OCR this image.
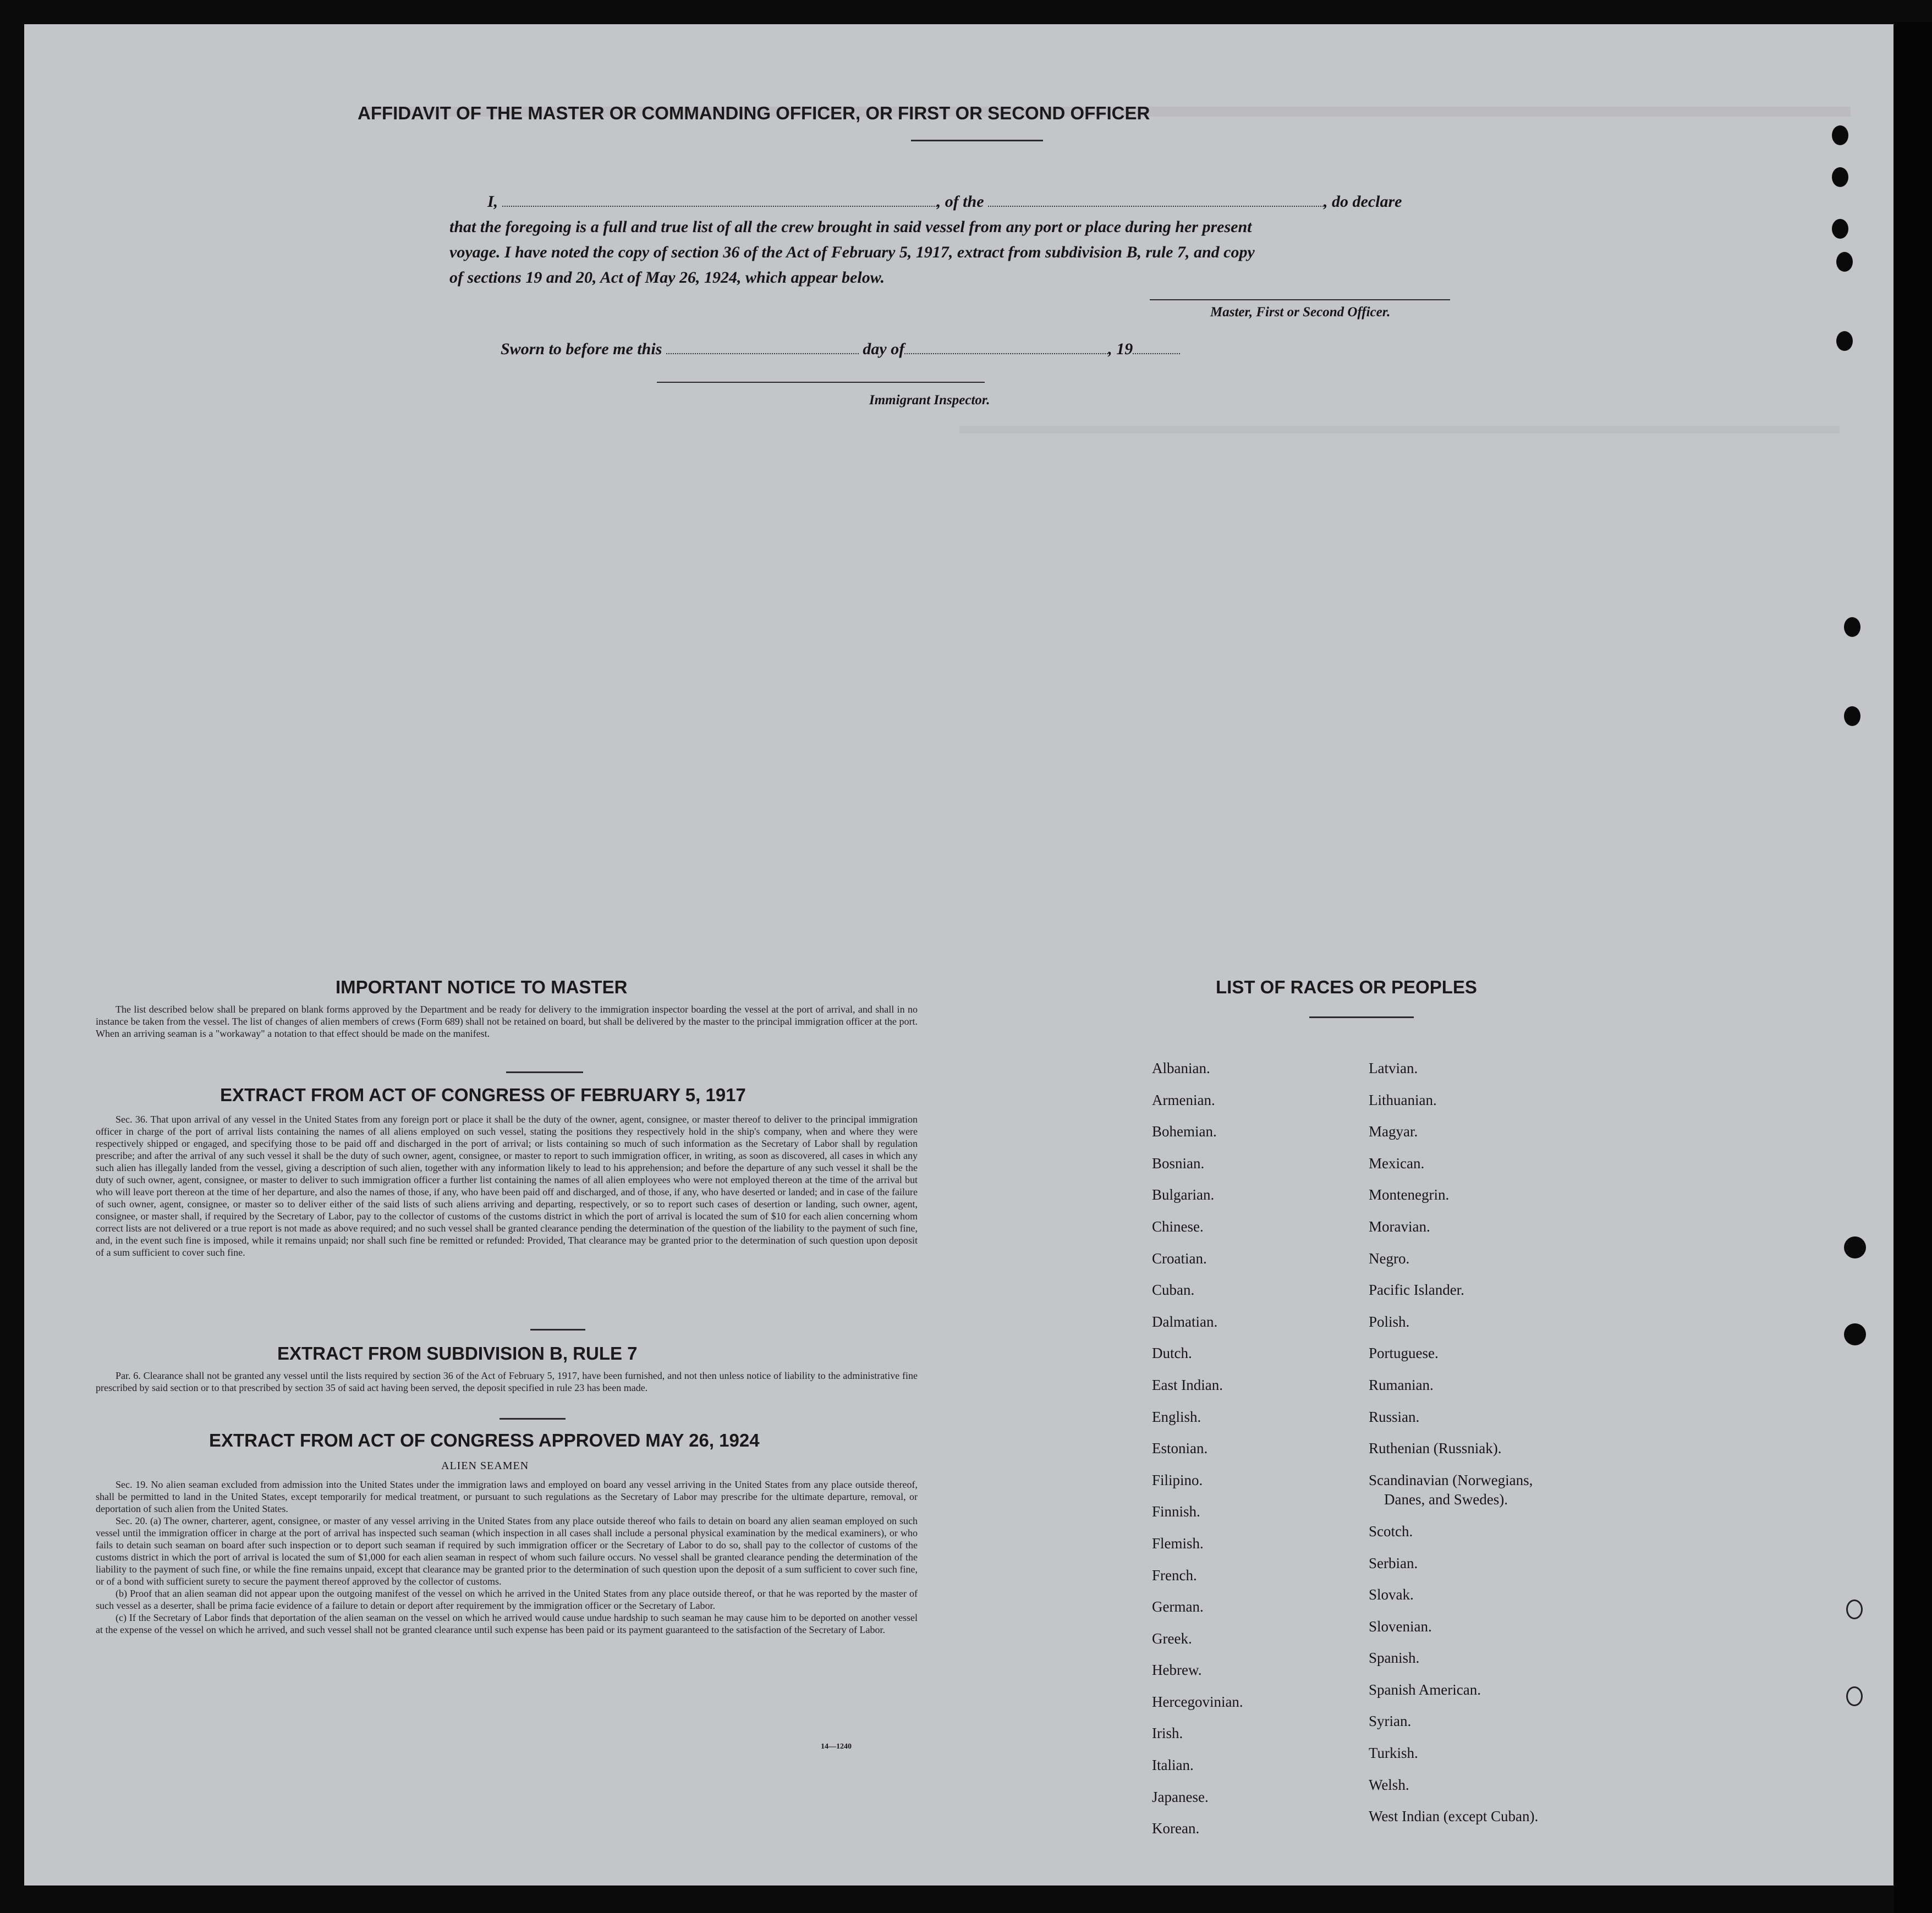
AFFIDAVIT OF THE MASTER OR COMMANDING OFFICER, OR FIRST OR SECOND OFFICER
I,	, of the	, do declare
that the foregoing is a full and true list of all the crew brought in said vessel from any port or place during her present
voyage. I have noted the copy of section 36 of the Act of February 5, 1917, extract from subdivision B, rule 7, and copy
of sections 19 and 20, Act of May 26, 1924, which appear below.
Master, First or Second Officer.
Sworn to before me this	day of	, 19
Immigrant Inspector.
IMPORTANT NOTICE TO MASTER

The list described below shall be prepared on blank forms approved by the Department and be ready for delivery to the immigration inspector boarding the vessel at the port of arrival, and shall in no instance be taken from the vessel. The list of changes of alien members of crews (Form 689) shall not be retained on board, but shall be delivered by the master to the principal immigration officer at the port. When an arriving seaman is a "workaway" a notation to that effect should be made on the manifest.

EXTRACT FROM ACT OF CONGRESS OF FEBRUARY 5, 1917

Sec. 36. That upon arrival of any vessel in the United States from any foreign port or place it shall be the duty of the owner, agent, consignee, or master thereof to deliver to the principal immigration officer in charge of the port of arrival lists containing the names of all aliens employed on such vessel, stating the positions they respectively hold in the ship's company, when and where they were respectively shipped or engaged, and specifying those to be paid off and discharged in the port of arrival; or lists containing so much of such information as the Secretary of Labor shall by regulation prescribe; and after the arrival of any such vessel it shall be the duty of such owner, agent, consignee, or master to report to such immigration officer, in writing, as soon as discovered, all cases in which any such alien has illegally landed from the vessel, giving a description of such alien, together with any information likely to lead to his apprehension; and before the departure of any such vessel it shall be the duty of such owner, agent, consignee, or master to deliver to such immigration officer a further list containing the names of all alien employees who were not employed thereon at the time of the arrival but who will leave port thereon at the time of her departure, and also the names of those, if any, who have been paid off and discharged, and of those, if any, who have deserted or landed; and in case of the failure of such owner, agent, consignee, or master so to deliver either of the said lists of such aliens arriving and departing, respectively, or so to report such cases of desertion or landing, such owner, agent, consignee, or master shall, if required by the Secretary of Labor, pay to the collector of customs of the customs district in which the port of arrival is located the sum of $10 for each alien concerning whom correct lists are not delivered or a true report is not made as above required; and no such vessel shall be granted clearance pending the determination of the question of the liability to the payment of such fine, and, in the event such fine is imposed, while it remains unpaid; nor shall such fine be remitted or refunded: Provided, That clearance may be granted prior to the determination of such question upon deposit of a sum sufficient to cover such fine.

EXTRACT FROM SUBDIVISION B, RULE 7

Par. 6. Clearance shall not be granted any vessel until the lists required by section 36 of the Act of February 5, 1917, have been furnished, and not then unless notice of liability to the administrative fine prescribed by said section or to that prescribed by section 35 of said act having been served, the deposit specified in rule 23 has been made.

EXTRACT FROM ACT OF CONGRESS APPROVED MAY 26, 1924
ALIEN SEAMEN

Sec. 19. No alien seaman excluded from admission into the United States under the immigration laws and employed on board any vessel arriving in the United States from any place outside thereof, shall be permitted to land in the United States, except temporarily for medical treatment, or pursuant to such regulations as the Secretary of Labor may prescribe for the ultimate departure, removal, or deportation of such alien from the United States.

Sec. 20. (a) The owner, charterer, agent, consignee, or master of any vessel arriving in the United States from any place outside thereof who fails to detain on board any alien seaman employed on such vessel until the immigration officer in charge at the port of arrival has inspected such seaman (which inspection in all cases shall include a personal physical examination by the medical examiners), or who fails to detain such seaman on board after such inspection or to deport such seaman if required by such immigration officer or the Secretary of Labor to do so, shall pay to the collector of customs of the customs district in which the port of arrival is located the sum of $1,000 for each alien seaman in respect of whom such failure occurs. No vessel shall be granted clearance pending the determination of the liability to the payment of such fine, or while the fine remains unpaid, except that clearance may be granted prior to the determination of such question upon the deposit of a sum sufficient to cover such fine, or of a bond with sufficient surety to secure the payment thereof approved by the collector of customs.

(b) Proof that an alien seaman did not appear upon the outgoing manifest of the vessel on which he arrived in the United States from any place outside thereof, or that he was reported by the master of such vessel as a deserter, shall be prima facie evidence of a failure to detain or deport after requirement by the immigration officer or the Secretary of Labor.

(c) If the Secretary of Labor finds that deportation of the alien seaman on the vessel on which he arrived would cause undue hardship to such seaman he may cause him to be deported on another vessel at the expense of the vessel on which he arrived, and such vessel shall not be granted clearance until such expense has been paid or its payment guaranteed to the satisfaction of the Secretary of Labor.

14—1240
LIST OF RACES OR PEOPLES
Albanian.
Armenian.
Bohemian.
Bosnian.
Bulgarian.
Chinese.
Croatian.
Cuban.
Dalmatian.
Dutch.
East Indian.
English.
Estonian.
Filipino.
Finnish.
Flemish.
French.
German.
Greek.
Hebrew.
Hercegovinian.
Irish.
Italian.
Japanese.
Korean.
Latvian.
Lithuanian.
Magyar.
Mexican.
Montenegrin.
Moravian.
Negro.
Pacific Islander.
Polish.
Portuguese.
Rumanian.
Russian.
Ruthenian (Russniak).
Scandinavian (Norwegians,
Danes, and Swedes).
Scotch.
Serbian.
Slovak.
Slovenian.
Spanish.
Spanish American.
Syrian.
Turkish.
Welsh.
West Indian (except Cuban).
